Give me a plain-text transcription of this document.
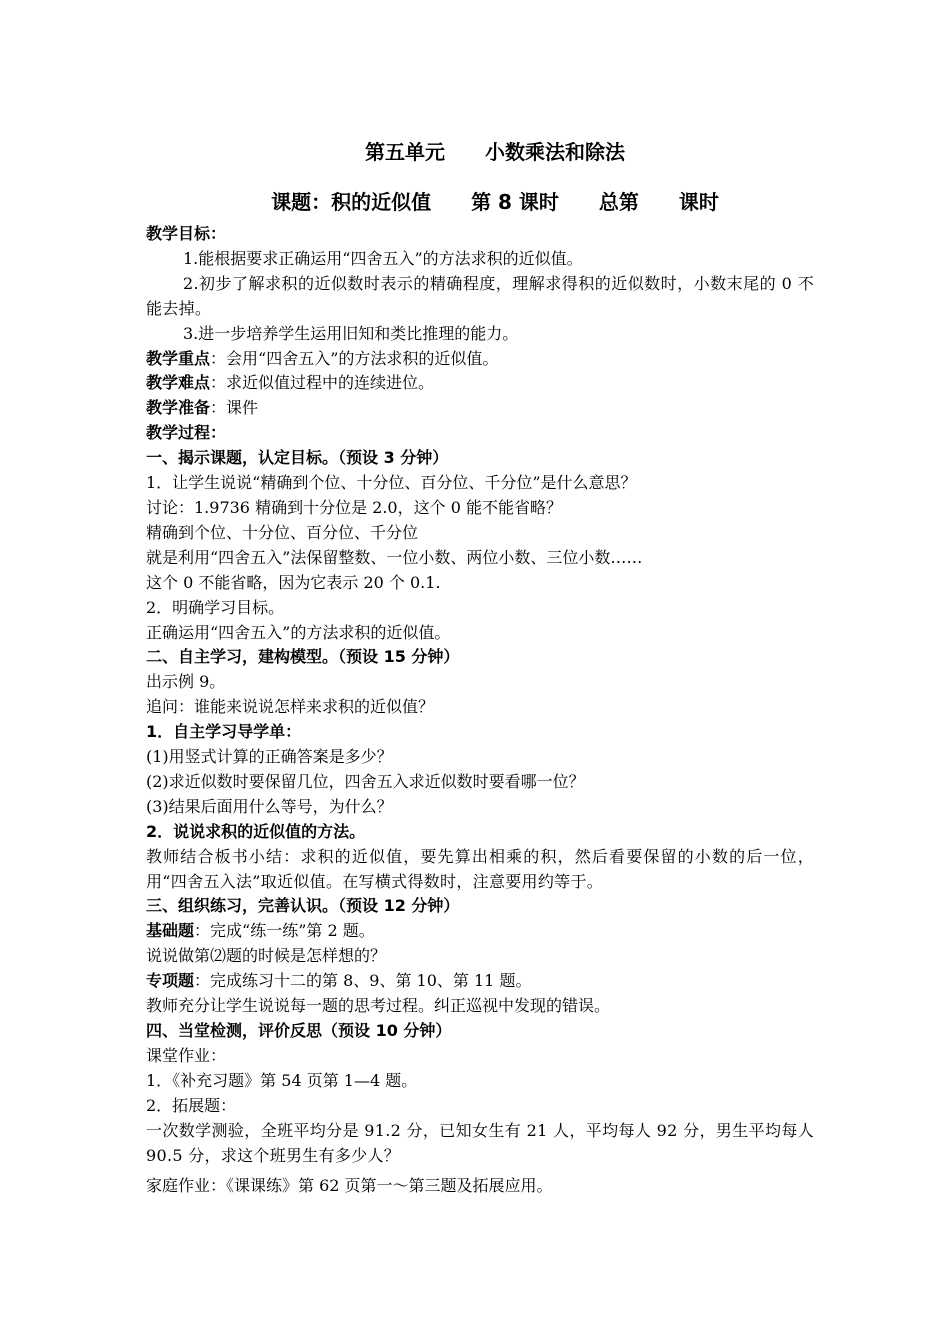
第五单元　　小数乘法和除法
课题：积的近似值　　第 8 课时　　总第　　课时
教学目标：
1.能根据要求正确运用“四舍五入”的方法求积的近似值。
2.初步了解求积的近似数时表示的精确程度，理解求得积的近似数时，小数末尾的 0 不能去掉。
3.进一步培养学生运用旧知和类比推理的能力。
教学重点：会用“四舍五入”的方法求积的近似值。
教学难点：求近似值过程中的连续进位。
教学准备：课件
教学过程：
一、揭示课题，认定目标。（预设 3 分钟）
1．让学生说说“精确到个位、十分位、百分位、千分位”是什么意思？
讨论：1.9736 精确到十分位是 2.0，这个 0 能不能省略？
精确到个位、十分位、百分位、千分位
就是利用“四舍五入”法保留整数、一位小数、两位小数、三位小数……
这个 0 不能省略，因为它表示 20 个 0.1.
2．明确学习目标。
正确运用“四舍五入”的方法求积的近似值。
二、自主学习，建构模型。（预设 15 分钟）
出示例 9。
追问：谁能来说说怎样来求积的近似值？
1．自主学习导学单：
(1)用竖式计算的正确答案是多少？
(2)求近似数时要保留几位，四舍五入求近似数时要看哪一位？
(3)结果后面用什么等号，为什么？
2．说说求积的近似值的方法。
教师结合板书小结：求积的近似值，要先算出相乘的积，然后看要保留的小数的后一位，用“四舍五入法”取近似值。在写横式得数时，注意要用约等于。
三、组织练习，完善认识。（预设 12 分钟）
基础题：完成“练一练”第 2 题。
说说做第⑵题的时候是怎样想的？
专项题：完成练习十二的第 8、9、第 10、第 11 题。
教师充分让学生说说每一题的思考过程。纠正巡视中发现的错误。
四、当堂检测，评价反思（预设 10 分钟）
课堂作业：
1．《补充习题》第 54 页第 1—4 题。
2．拓展题：
一次数学测验，全班平均分是 91.2 分，已知女生有 21 人，平均每人 92 分，男生平均每人 90.5 分，求这个班男生有多少人？
家庭作业：《课课练》第 62 页第一～第三题及拓展应用。
